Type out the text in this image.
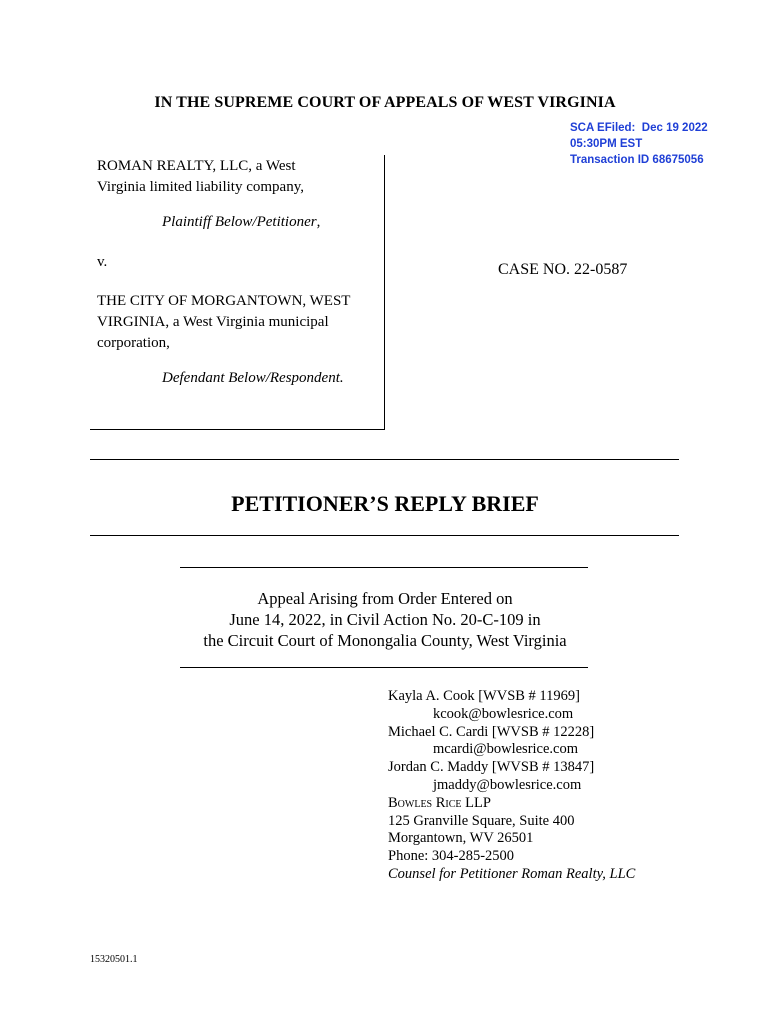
IN THE SUPREME COURT OF APPEALS OF WEST VIRGINIA
SCA EFiled:  Dec 19 2022
05:30PM EST
Transaction ID 68675056
ROMAN REALTY, LLC, a West
Virginia limited liability company,
Plaintiff Below/Petitioner,
v.
THE CITY OF MORGANTOWN, WEST
VIRGINIA, a West Virginia municipal
corporation,
Defendant Below/Respondent.
CASE NO. 22-0587
PETITIONER’S REPLY BRIEF
Appeal Arising from Order Entered on
June 14, 2022, in Civil Action No. 20-C-109 in
the Circuit Court of Monongalia County, West Virginia
Kayla A. Cook [WVSB # 11969]
kcook@bowlesrice.com
Michael C. Cardi [WVSB # 12228]
mcardi@bowlesrice.com
Jordan C. Maddy [WVSB # 13847]
jmaddy@bowlesrice.com
Bowles Rice LLP
125 Granville Square, Suite 400
Morgantown, WV 26501
Phone: 304-285-2500
Counsel for Petitioner Roman Realty, LLC
15320501.1
